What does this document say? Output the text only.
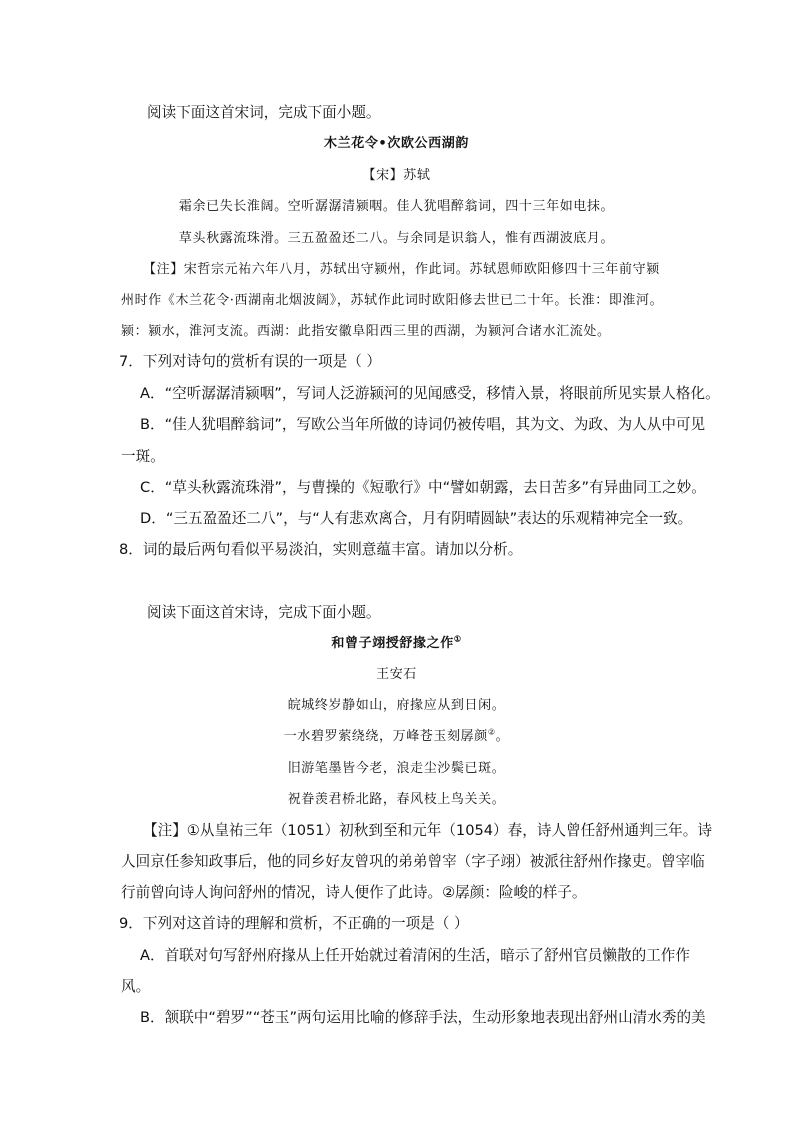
阅读下面这首宋词，完成下面小题。
木兰花令•次欧公西湖韵
【宋】苏轼
霜余已失长淮阔。空听潺潺清颍咽。佳人犹唱醉翁词，四十三年如电抹。
草头秋露流珠滑。三五盈盈还二八。与余同是识翁人，惟有西湖波底月。
【注】宋哲宗元祐六年八月，苏轼出守颍州，作此词。苏轼恩师欧阳修四十三年前守颍
州时作《木兰花令·西湖南北烟波阔》，苏轼作此词时欧阳修去世已二十年。长淮：即淮河。
颍：颍水，淮河支流。西湖：此指安徽阜阳西三里的西湖，为颍河合诸水汇流处。
7．下列对诗句的赏析有误的一项是（ ）
A．“空听潺潺清颍咽”，写词人泛游颍河的见闻感受，移情入景，将眼前所见实景人格化。
B．“佳人犹唱醉翁词”，写欧公当年所做的诗词仍被传唱，其为文、为政、为人从中可见
一斑。
C．“草头秋露流珠滑”，与曹操的《短歌行》中“譬如朝露，去日苦多”有异曲同工之妙。
D．“三五盈盈还二八”，与“人有悲欢离合，月有阴晴圆缺”表达的乐观精神完全一致。
8．词的最后两句看似平易淡泊，实则意蕴丰富。请加以分析。
阅读下面这首宋诗，完成下面小题。
和曾子翊授舒掾之作①
王安石
皖城终岁静如山，府掾应从到日闲。
一水碧罗萦绕绕，万峰苍玉刻孱颜②。
旧游笔墨皆今老，浪走尘沙鬓已斑。
祝眷羡君桥北路，春风枝上鸟关关。
【注】①从皇祐三年（1051）初秋到至和元年（1054）春，诗人曾任舒州通判三年。诗
人回京任参知政事后，他的同乡好友曾巩的弟弟曾宰（字子翊）被派往舒州作掾吏。曾宰临
行前曾向诗人询问舒州的情况，诗人便作了此诗。②孱颜：险峻的样子。
9．下列对这首诗的理解和赏析，不正确的一项是（ ）
A．首联对句写舒州府掾从上任开始就过着清闲的生活，暗示了舒州官员懒散的工作作
风。
B．颔联中“碧罗”“苍玉”两句运用比喻的修辞手法，生动形象地表现出舒州山清水秀的美
